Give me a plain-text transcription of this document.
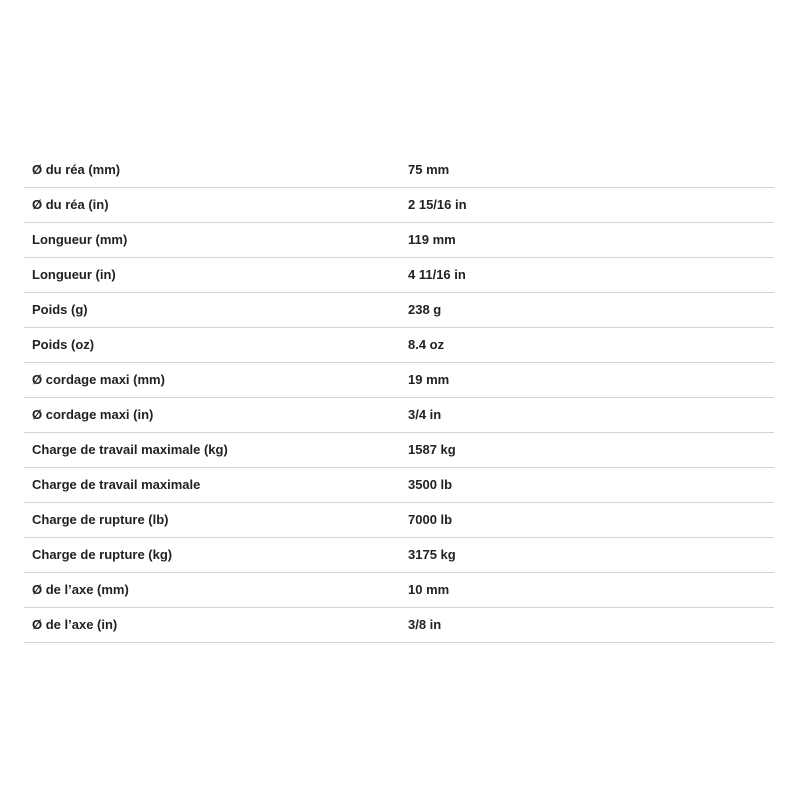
Ø du réa (mm)	75 mm
Ø du réa (in)	2 15/16 in
Longueur (mm)	119 mm
Longueur (in)	4 11/16 in
Poids (g)	238 g
Poids (oz)	8.4 oz
Ø cordage maxi (mm)	19 mm
Ø cordage maxi (in)	3/4 in
Charge de travail maximale (kg)	1587 kg
Charge de travail maximale	3500 lb
Charge de rupture (lb)	7000 lb
Charge de rupture (kg)	3175 kg
Ø de l’axe (mm)	10 mm
Ø de l’axe (in)	3/8 in
